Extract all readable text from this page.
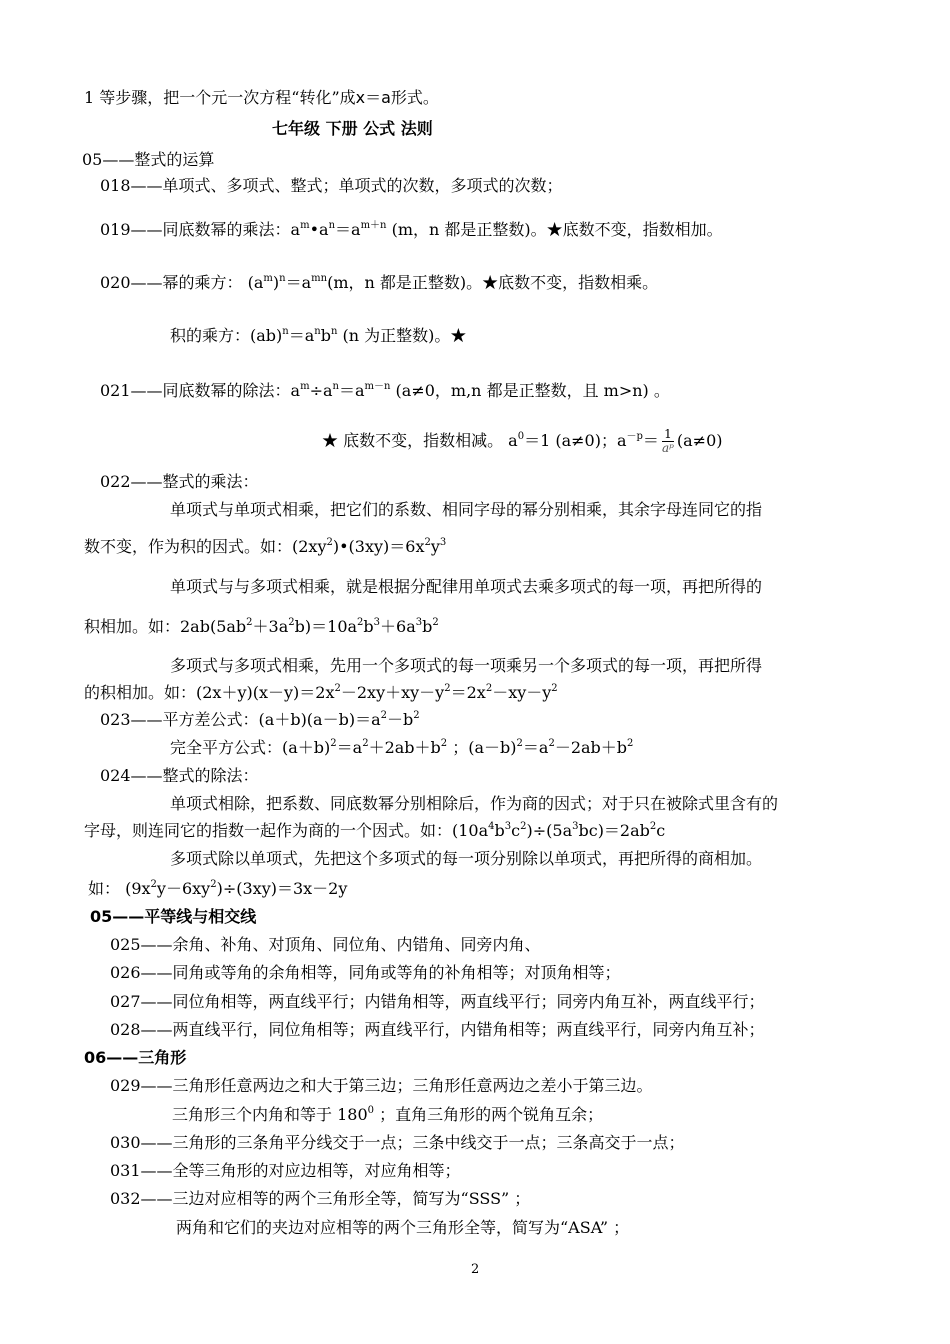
1 等步骤，把一个元一次方程“转化”成x＝a形式。
七年级 下册 公式 法则
05——整式的运算
018——单项式、多项式、整式；单项式的次数，多项式的次数；
019——同底数幂的乘法：$a^m•a^n=a^{m+n}$ (m，n 都是正整数)。★底数不变，指数相加。
020——幂的乘方： $(a^m)^n=a^{mn}(m$，n 都是正整数)。★底数不变，指数相乘。
积的乘方：$(ab)^n=a^nb^n$ (n 为正整数)。★
021——同底数幂的除法：$a^m\div a^n=a^{m-n}$ (a≠0，m,n 都是正整数，且 m>n) 。
★ 底数不变，指数相减。 $a^0=1$ (a≠0)；$a^{-p}= \frac{1}{\text{aᵖ}} (a\ne 0)$
022——整式的乘法：
单项式与单项式相乘，把它们的系数、相同字母的幂分别相乘，其余字母连同它的指
数不变，作为积的因式。如：$(2xy^2)•(3xy)=6x^2y^3$
单项式与与多项式相乘，就是根据分配律用单项式去乘多项式的每一项，再把所得的
积相加。如：$2ab(5ab^2+3a^2b)=10a^2b^3+6a^3b^2$
多项式与多项式相乘，先用一个多项式的每一项乘另一个多项式的每一项，再把所得
的积相加。如：$(2x+y)(x-y)=2x^2-2xy+xy-y^2=2x^2-xy-y^2$
023——平方差公式：$(a+b)(a-b)=a^2-b^2$
完全平方公式：$(a+b)^2=a^2+2ab+b^2$ ；$(a-b)^2=a^2-2ab+b^2$
024——整式的除法：
单项式相除，把系数、同底数幂分别相除后，作为商的因式；对于只在被除式里含有的
字母，则连同它的指数一起作为商的一个因式。如：$(10a^4b^3c^2)\div(5a^3bc)=2ab^2c$
多项式除以单项式，先把这个多项式的每一项分别除以单项式，再把所得的商相加。
如： $(9x^2y-6xy^2)\div(3xy)=3x-2y$
05——平等线与相交线
025——余角、补角、对顶角、同位角、内错角、同旁内角、
026——同角或等角的余角相等，同角或等角的补角相等；对顶角相等；
027——同位角相等，两直线平行；内错角相等，两直线平行；同旁内角互补，两直线平行；
028——两直线平行，同位角相等；两直线平行，内错角相等；两直线平行，同旁内角互补；
06——三角形
029——三角形任意两边之和大于第三边；三角形任意两边之差小于第三边。
三角形三个内角和等于 $180^0$ ；直角三角形的两个锐角互余；
030——三角形的三条角平分线交于一点；三条中线交于一点；三条高交于一点；
031——全等三角形的对应边相等，对应角相等；
032——三边对应相等的两个三角形全等，简写为“SSS” ；
两角和它们的夹边对应相等的两个三角形全等，简写为“ASA” ；
2
